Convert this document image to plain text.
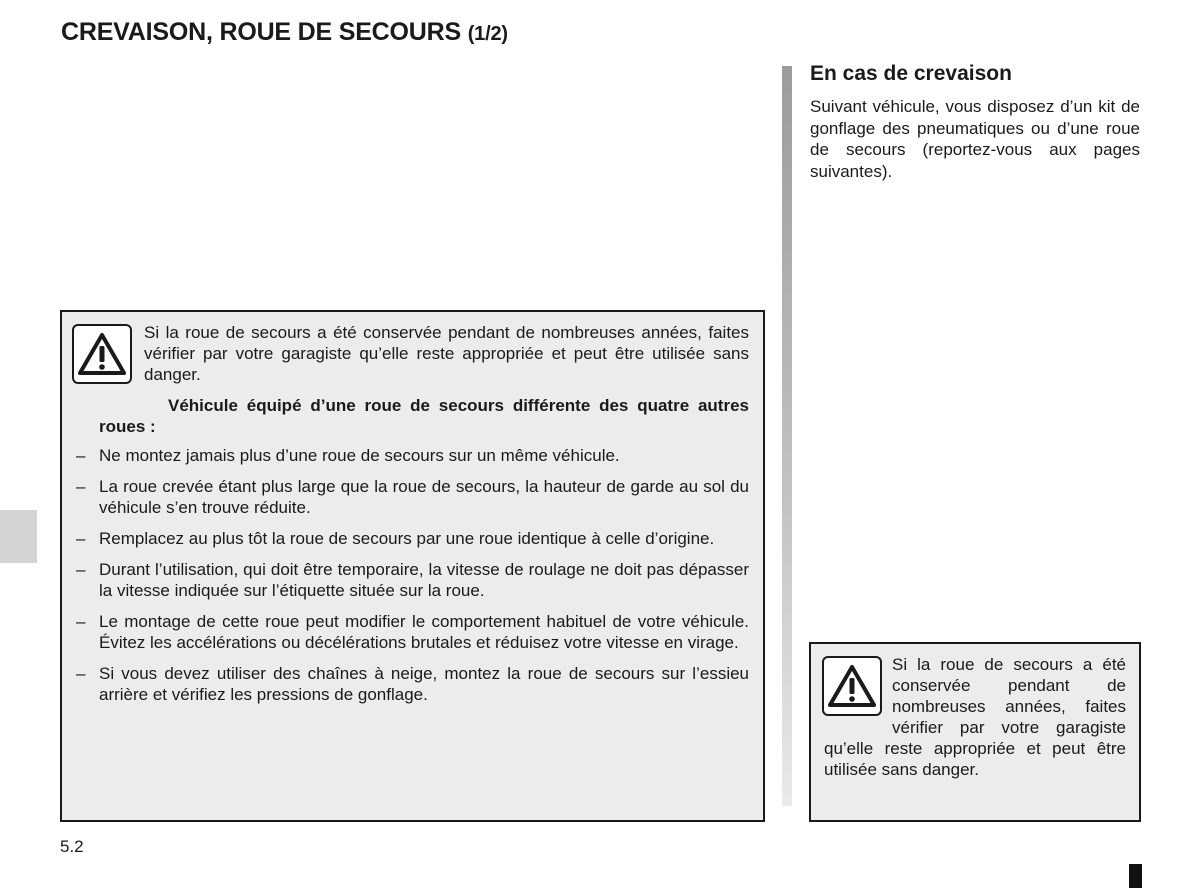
CREVAISON, ROUE DE SECOURS (1/2)
En cas de crevaison

Suivant véhicule, vous disposez d’un kit de gonflage des pneumatiques ou d’une roue de secours (reportez-vous aux pages suivantes).

Si la roue de secours a été conservée pendant de nombreuses années, faites vérifier par votre garagiste qu’elle reste appropriée et peut être utilisée sans danger.

Véhicule équipé d’une roue de secours différente des quatre autres roues :

– Ne montez jamais plus d’une roue de secours sur un même véhicule.
– La roue crevée étant plus large que la roue de secours, la hauteur de garde au sol du véhicule s’en trouve réduite.
– Remplacez au plus tôt la roue de secours par une roue identique à celle d’origine.
– Durant l’utilisation, qui doit être temporaire, la vitesse de roulage ne doit pas dépasser la vitesse indiquée sur l’étiquette située sur la roue.
– Le montage de cette roue peut modifier le comportement habituel de votre véhicule. Évitez les accélérations ou décélérations brutales et réduisez votre vitesse en virage.
– Si vous devez utiliser des chaînes à neige, montez la roue de secours sur l’essieu arrière et vérifiez les pressions de gonflage.

Si la roue de secours a été conservée pendant de nombreuses années, faites vérifier par votre garagiste qu’elle reste appropriée et peut être utilisée sans danger.

5.2
